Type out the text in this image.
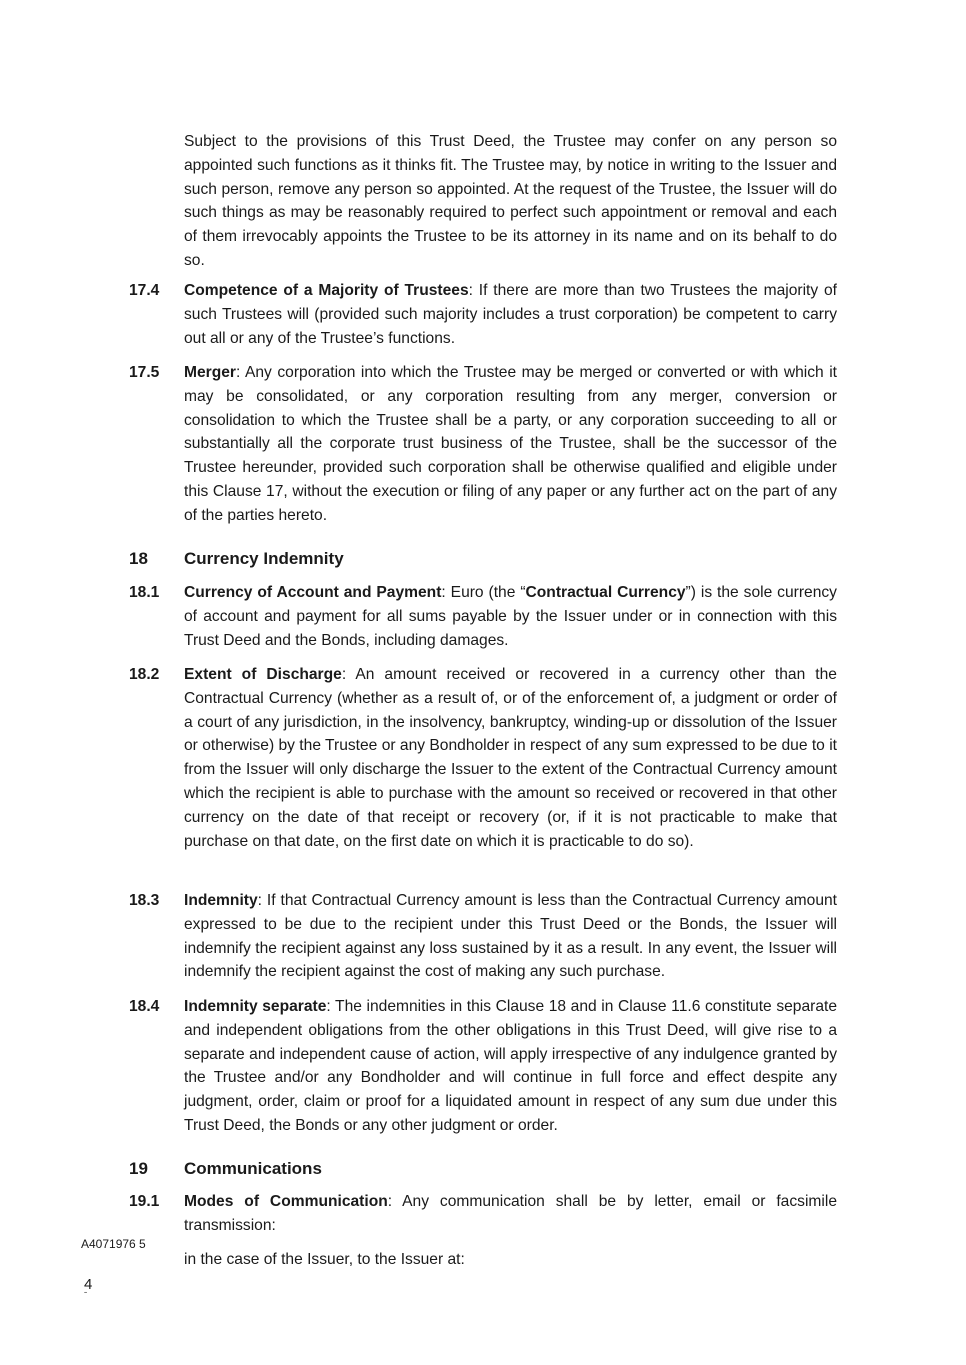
Subject to the provisions of this Trust Deed, the Trustee may confer on any person so appointed such functions as it thinks fit. The Trustee may, by notice in writing to the Issuer and such person, remove any person so appointed. At the request of the Trustee, the Issuer will do such things as may be reasonably required to perfect such appointment or removal and each of them irrevocably appoints the Trustee to be its attorney in its name and on its behalf to do so.

17.4 Competence of a Majority of Trustees: If there are more than two Trustees the majority of such Trustees will (provided such majority includes a trust corporation) be competent to carry out all or any of the Trustee’s functions.

17.5 Merger: Any corporation into which the Trustee may be merged or converted or with which it may be consolidated, or any corporation resulting from any merger, conversion or consolidation to which the Trustee shall be a party, or any corporation succeeding to all or substantially all the corporate trust business of the Trustee, shall be the successor of the Trustee hereunder, provided such corporation shall be otherwise qualified and eligible under this Clause 17, without the execution or filing of any paper or any further act on the part of any of the parties hereto.

18 Currency Indemnity
18.1 Currency of Account and Payment: Euro (the “Contractual Currency”) is the sole currency of account and payment for all sums payable by the Issuer under or in connection with this Trust Deed and the Bonds, including damages.

18.2 Extent of Discharge: An amount received or recovered in a currency other than the Contractual Currency (whether as a result of, or of the enforcement of, a judgment or order of a court of any jurisdiction, in the insolvency, bankruptcy, winding-up or dissolution of the Issuer or otherwise) by the Trustee or any Bondholder in respect of any sum expressed to be due to it from the Issuer will only discharge the Issuer to the extent of the Contractual Currency amount which the recipient is able to purchase with the amount so received or recovered in that other currency on the date of that receipt or recovery (or, if it is not practicable to make that purchase on that date, on the first date on which it is practicable to do so).

18.3 Indemnity: If that Contractual Currency amount is less than the Contractual Currency amount expressed to be due to the recipient under this Trust Deed or the Bonds, the Issuer will indemnify the recipient against any loss sustained by it as a result. In any event, the Issuer will indemnify the recipient against the cost of making any such purchase.

18.4 Indemnity separate: The indemnities in this Clause 18 and in Clause 11.6 constitute separate and independent obligations from the other obligations in this Trust Deed, will give rise to a separate and independent cause of action, will apply irrespective of any indulgence granted by the Trustee and/or any Bondholder and will continue in full force and effect despite any judgment, order, claim or proof for a liquidated amount in respect of any sum due under this Trust Deed, the Bonds or any other judgment or order.

19 Communications
19.1 Modes of Communication: Any communication shall be by letter, email or facsimile transmission:

in the case of the Issuer, to the Issuer at:

A4071976 5
4
ˉ
